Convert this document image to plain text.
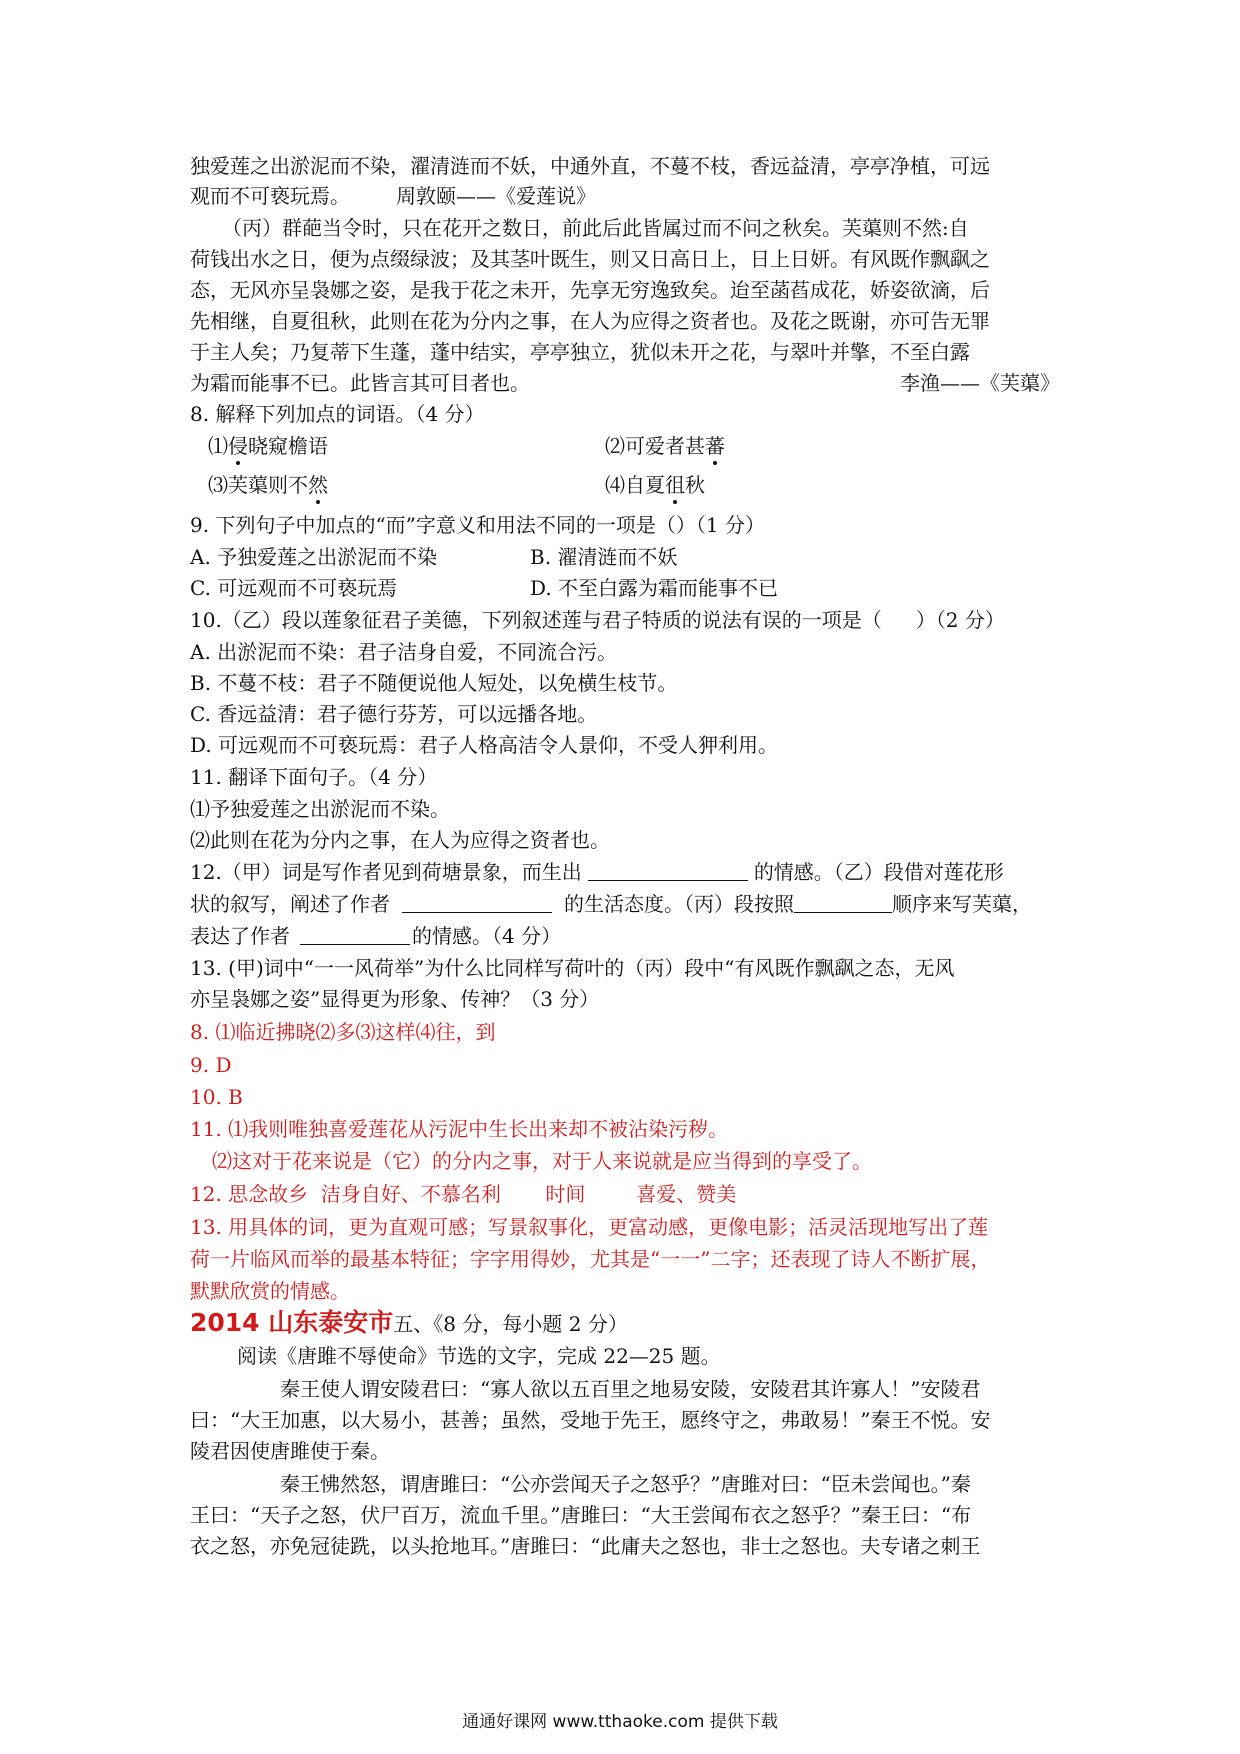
独爱莲之出淤泥而不染，濯清涟而不妖，中通外直，不蔓不枝，香远益清，亭亭净植，可远
观而不可亵玩焉。 周敦颐——《爱莲说》
（丙）群葩当令时，只在花开之数日，前此后此皆属过而不问之秋矣。芙蕖则不然:自
荷钱出水之日，便为点缀绿波；及其茎叶既生，则又日高日上，日上日妍。有风既作飘飖之
态，无风亦呈袅娜之姿，是我于花之未开，先享无穷逸致矣。迨至菡萏成花，娇姿欲滴，后
先相继，自夏徂秋，此则在花为分内之事，在人为应得之资者也。及花之既谢，亦可告无罪
于主人矣；乃复蒂下生蓬，蓬中结实，亭亭独立，犹似未开之花，与翠叶并擎，不至白露
为霜而能事不已。此皆言其可目者也。	李渔——《芙蕖》
8. 解释下列加点的词语。（4 分）
⑴侵晓窥檐语	⑵可爱者甚蕃
⑶芙蕖则不然	⑷自夏徂秋
9. 下列句子中加点的“而”字意义和用法不同的一项是（）（1 分）
A. 予独爱莲之出淤泥而不染	B. 濯清涟而不妖
C. 可远观而不可亵玩焉	D. 不至白露为霜而能事不已
10.（乙）段以莲象征君子美德，下列叙述莲与君子特质的说法有误的一项是（ ）（2 分）
A. 出淤泥而不染：君子洁身自爱，不同流合污。
B. 不蔓不枝：君子不随便说他人短处，以免横生枝节。
C. 香远益清：君子德行芬芳，可以远播各地。
D. 可远观而不可亵玩焉：君子人格高洁令人景仰，不受人狎利用。
11. 翻译下面句子。（4 分）
⑴予独爱莲之出淤泥而不染。
⑵此则在花为分内之事，在人为应得之资者也。
12.（甲）词是写作者见到荷塘景象，而生出	的情感。（乙）段借对莲花形
状的叙写，阐述了作者	的生活态度。（丙）段按照	顺序来写芙蕖，
表达了作者	的情感。（4 分）
13. (甲)词中“一一风荷举”为什么比同样写荷叶的（丙）段中“有风既作飘飖之态，无风
亦呈袅娜之姿”显得更为形象、传神？（3 分）
8. ⑴临近拂晓⑵多⑶这样⑷往，到
9. D
10. B
11. ⑴我则唯独喜爱莲花从污泥中生长出来却不被沾染污秽。
⑵这对于花来说是（它）的分内之事，对于人来说就是应当得到的享受了。
12. 思念故乡  洁身自好、不慕名利       时间        喜爱、赞美
13. 用具体的词，更为直观可感；写景叙事化，更富动感，更像电影；活灵活现地写出了莲
荷一片临风而举的最基本特征；字字用得妙，尤其是“一一”二字；还表现了诗人不断扩展，
默默欣赏的情感。
2014 山东泰安市五、《8 分，每小题 2 分）
阅读《唐雎不辱使命》节选的文字，完成 22—25 题。
秦王使人谓安陵君曰：“寡人欲以五百里之地易安陵，安陵君其许寡人！”安陵君
曰：“大王加惠，以大易小，甚善；虽然，受地于先王，愿终守之，弗敢易！”秦王不悦。安
陵君因使唐雎使于秦。
秦王怫然怒，谓唐雎曰：“公亦尝闻天子之怒乎？”唐雎对曰：“臣未尝闻也。”秦
王曰：“天子之怒，伏尸百万，流血千里。”唐雎曰：“大王尝闻布衣之怒乎？”秦王曰：“布
衣之怒，亦免冠徒跣，以头抢地耳。”唐雎曰：“此庸夫之怒也，非士之怒也。夫专诸之刺王
通通好课网 www.tthaoke.com 提供下载
